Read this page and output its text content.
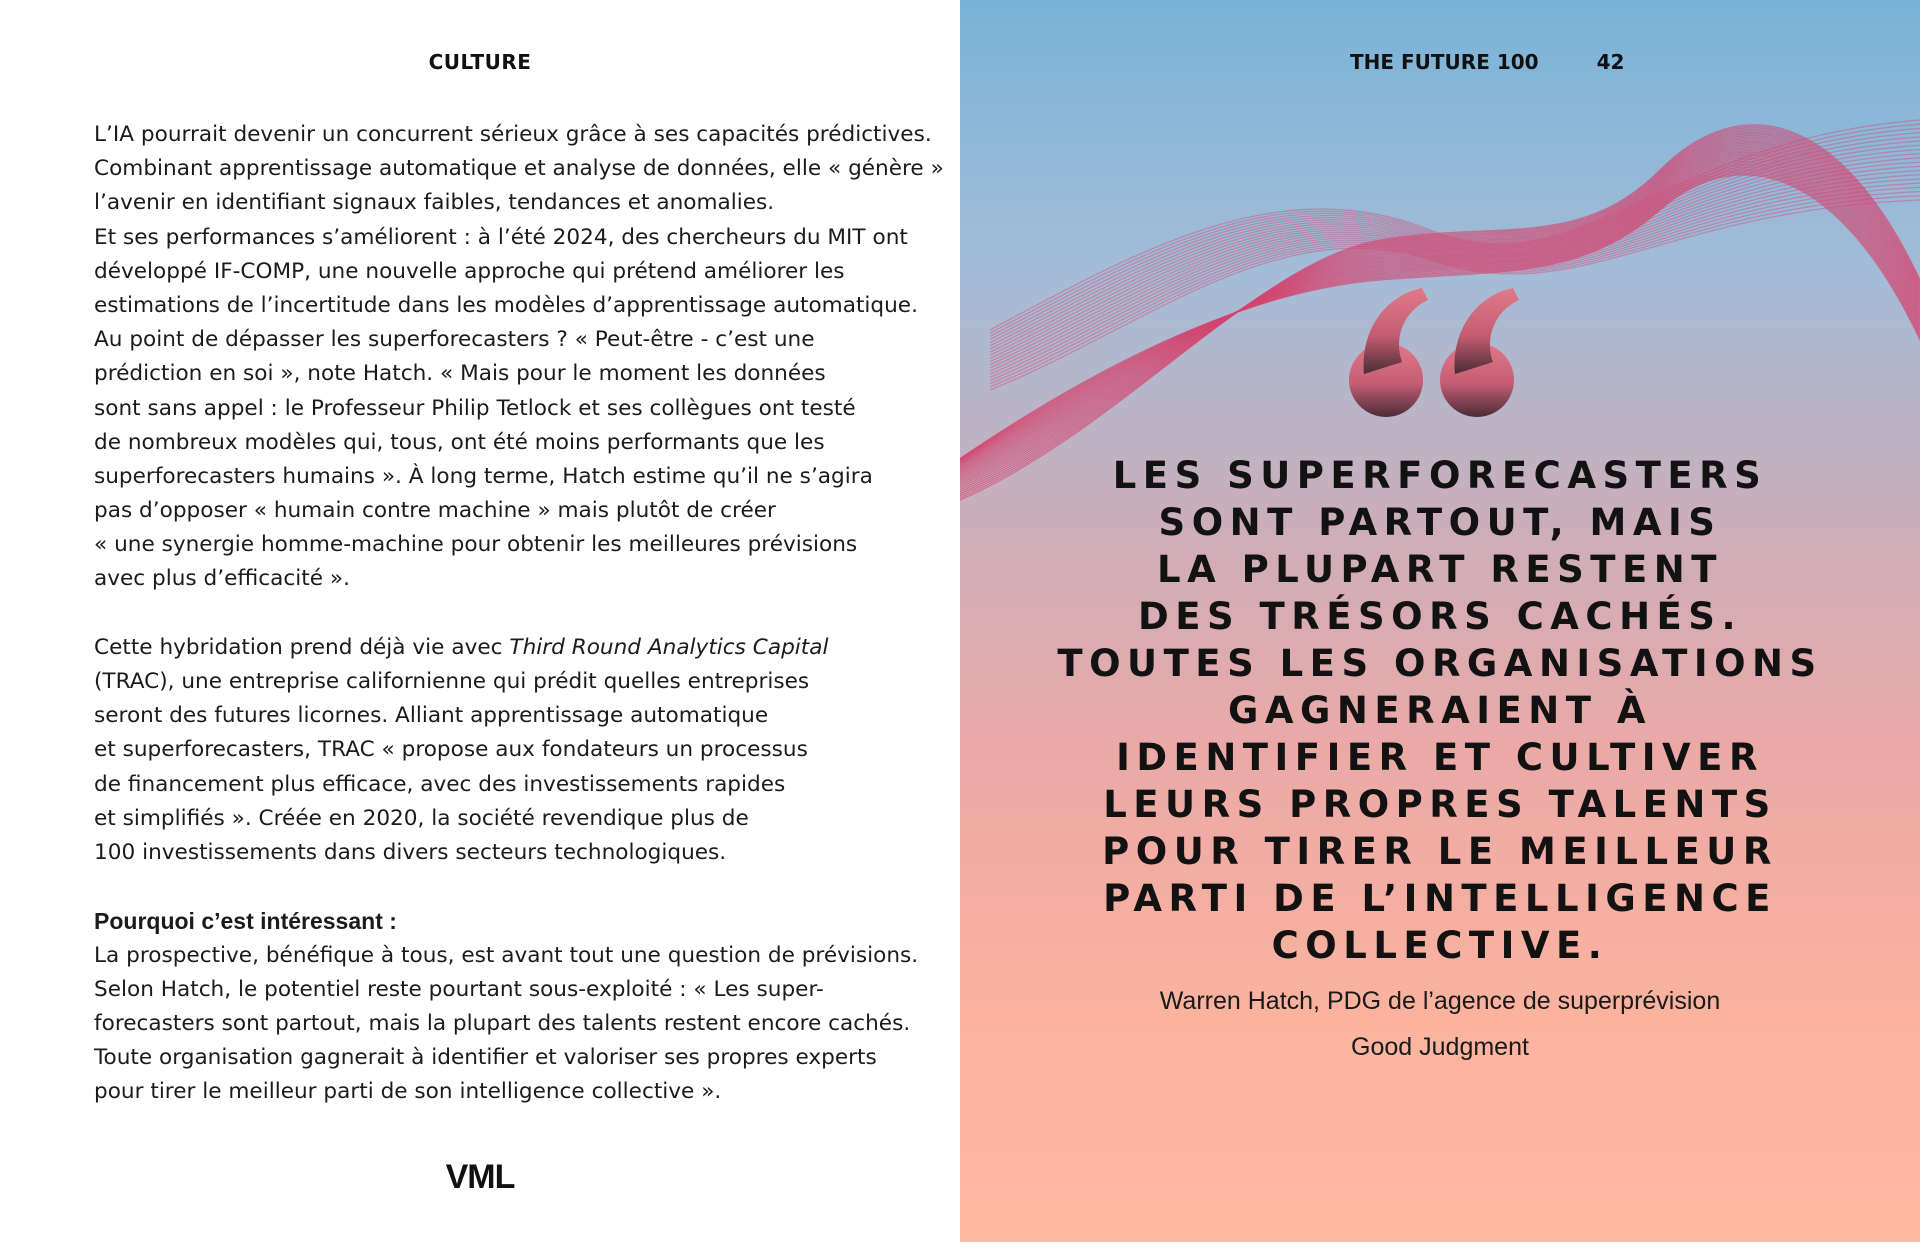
CULTURE
L’IA pourrait devenir un concurrent sérieux grâce à ses capacités prédictives.
Combinant apprentissage automatique et analyse de données, elle « génère »
l’avenir en identifiant signaux faibles, tendances et anomalies.
Et ses performances s’améliorent : à l’été 2024, des chercheurs du MIT ont
développé IF-COMP, une nouvelle approche qui prétend améliorer les
estimations de l’incertitude dans les modèles d’apprentissage automatique.
Au point de dépasser les superforecasters ? « Peut-être - c’est une
prédiction en soi », note Hatch. « Mais pour le moment les données
sont sans appel : le Professeur Philip Tetlock et ses collègues ont testé
de nombreux modèles qui, tous, ont été moins performants que les
superforecasters humains ». À long terme, Hatch estime qu’il ne s’agira
pas d’opposer « humain contre machine » mais plutôt de créer
« une synergie homme-machine pour obtenir les meilleures prévisions
avec plus d’efficacité ».
Cette hybridation prend déjà vie avec Third Round Analytics Capital
(TRAC), une entreprise californienne qui prédit quelles entreprises
seront des futures licornes. Alliant apprentissage automatique
et superforecasters, TRAC « propose aux fondateurs un processus
de financement plus efficace, avec des investissements rapides
et simplifiés ». Créée en 2020, la société revendique plus de
100 investissements dans divers secteurs technologiques.
Pourquoi c’est intéressant :
La prospective, bénéfique à tous, est avant tout une question de prévisions.
Selon Hatch, le potentiel reste pourtant sous-exploité : « Les super-
forecasters sont partout, mais la plupart des talents restent encore cachés.
Toute organisation gagnerait à identifier et valoriser ses propres experts
pour tirer le meilleur parti de son intelligence collective ».
VML
THE FUTURE 100	42
LES SUPERFORECASTERS
SONT PARTOUT, MAIS
LA PLUPART RESTENT
DES TRÉSORS CACHÉS.
TOUTES LES ORGANISATIONS
GAGNERAIENT À
IDENTIFIER ET CULTIVER
LEURS PROPRES TALENTS
POUR TIRER LE MEILLEUR
PARTI DE L’INTELLIGENCE
COLLECTIVE.
Warren Hatch, PDG de l’agence de superprévision
Good Judgment
